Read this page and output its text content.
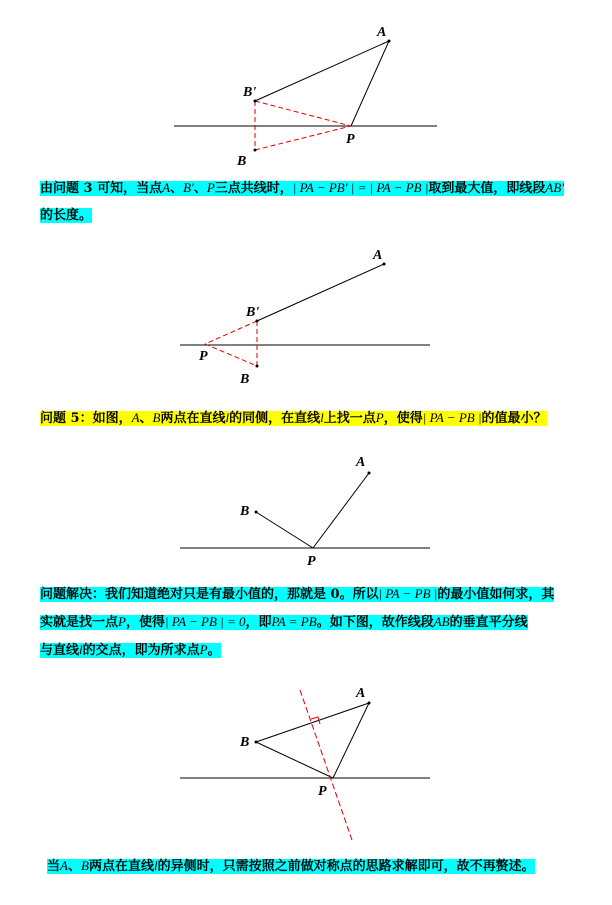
A
B'
B
P
由问题 3 可知，当点A、B'、P三点共线时，| PA − PB' | = | PA − PB |取到最大值，即线段AB'
的长度。
A
B'
B
P
问题 5：如图，A、B两点在直线l的同侧，在直线l上找一点P，使得| PA − PB |的值最小？
A
B
P
问题解决：我们知道绝对只是有最小值的，那就是 0。所以| PA − PB |的最小值如何求，其
实就是找一点P，使得| PA − PB | = 0，即PA = PB。如下图，故作线段AB的垂直平分线
与直线l的交点，即为所求点P。
A
B
P
当A、B两点在直线l的异侧时，只需按照之前做对称点的思路求解即可，故不再赘述。
